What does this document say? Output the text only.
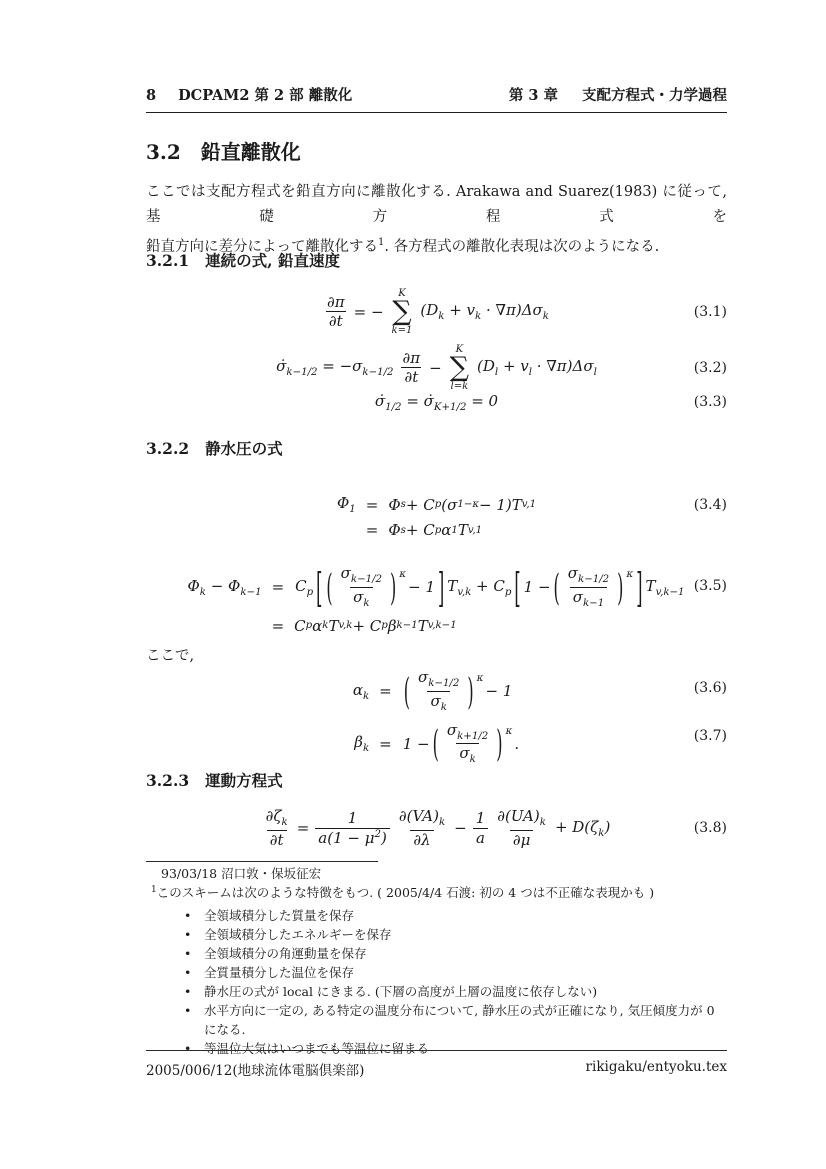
8 DCPAM2 第 2 部 離散化	第 3 章 支配方程式・力学過程
3.2 鉛直離散化
ここでは支配方程式を鉛直方向に離散化する. Arakawa and Suarez(1983) に従って, 基礎方程式を
鉛直方向に差分によって離散化する$^1$. 各方程式の離散化表現は次のようになる.
3.2.1 連続の式, 鉛直速度
$\frac{\partial\pi}{\partial t}$ = −
K
∑
k=1
$(D_k + v_k \cdot \nabla\pi)\Delta\sigma_k$	(3.1)
$\sigmȧ_{k-1/2} = -\sigma_{k-1/2} \frac{\partial\pi}{\partial t}$ −
K
∑
l=k
$(D_l + v_l \cdot \nabla\pi)\Delta\sigma_l$	(3.2)
$\sigmȧ_{1/2}$ = $\sigmȧ_{K+1/2} = 0$	(3.3)
3.2.2 静水圧の式
$\Phi_1 = \Phi$ s + C p (σ 1 −κ − 1)T v,1
= Φ s + C p α 1 T v,1
(3.4)
$\Phi_k - \Phi_{k-1} = C_p$ [ ( $\frac{\sigma_{k-1/2}}{\sigma_k}$ ) κ
− 1 ] $T_{v,k} + C_p$ [ 1 − ( $\frac{\sigma_{k-1/2}}{\sigma_{k-1}}$ ) κ ] $T_{v,k-1}$
= C p α k T v,k + C p β k−1 T v,k−1
(3.5)
ここで,
$\alpha_k$ = ( $\frac{\sigma_{k-1/2}}{\sigma_k}$ ) κ
− 1
$\beta_k = 1$ − ( $\frac{\sigma_{k+1/2}}{\sigma_k}$ ) κ
.
(3.6)
(3.7)
3.2.3 運動方程式
$\frac{\partial\zeta_k}{\partial t} = \frac{1}{a(1 - \mu^2)} \frac{\partial(VA)_k}{\partial\lambda} - \frac{1}{a} \frac{\partial(UA)_k}{\partial\mu} + D(\zeta_k)$	(3.8)
93/03/18 沼口敦・保坂征宏
$^1$このスキームは次のような特徴をもつ. ( 2005/4/4 石渡: 初の 4 つは不正確な表現かも )
•	全領域積分した質量を保存
•	全領域積分したエネルギーを保存
•	全領域積分の角運動量を保存
•	全質量積分した温位を保存
•	静水圧の式が local にきまる. (下層の高度が上層の温度に依存しない)
•	水平方向に一定の, ある特定の温度分布について, 静水圧の式が正確になり, 気圧傾度力が 0 になる.
•	等温位大気はいつまでも等温位に留まる
2005/006/12(地球流体電脳倶楽部)	rikigaku/entyoku.tex
